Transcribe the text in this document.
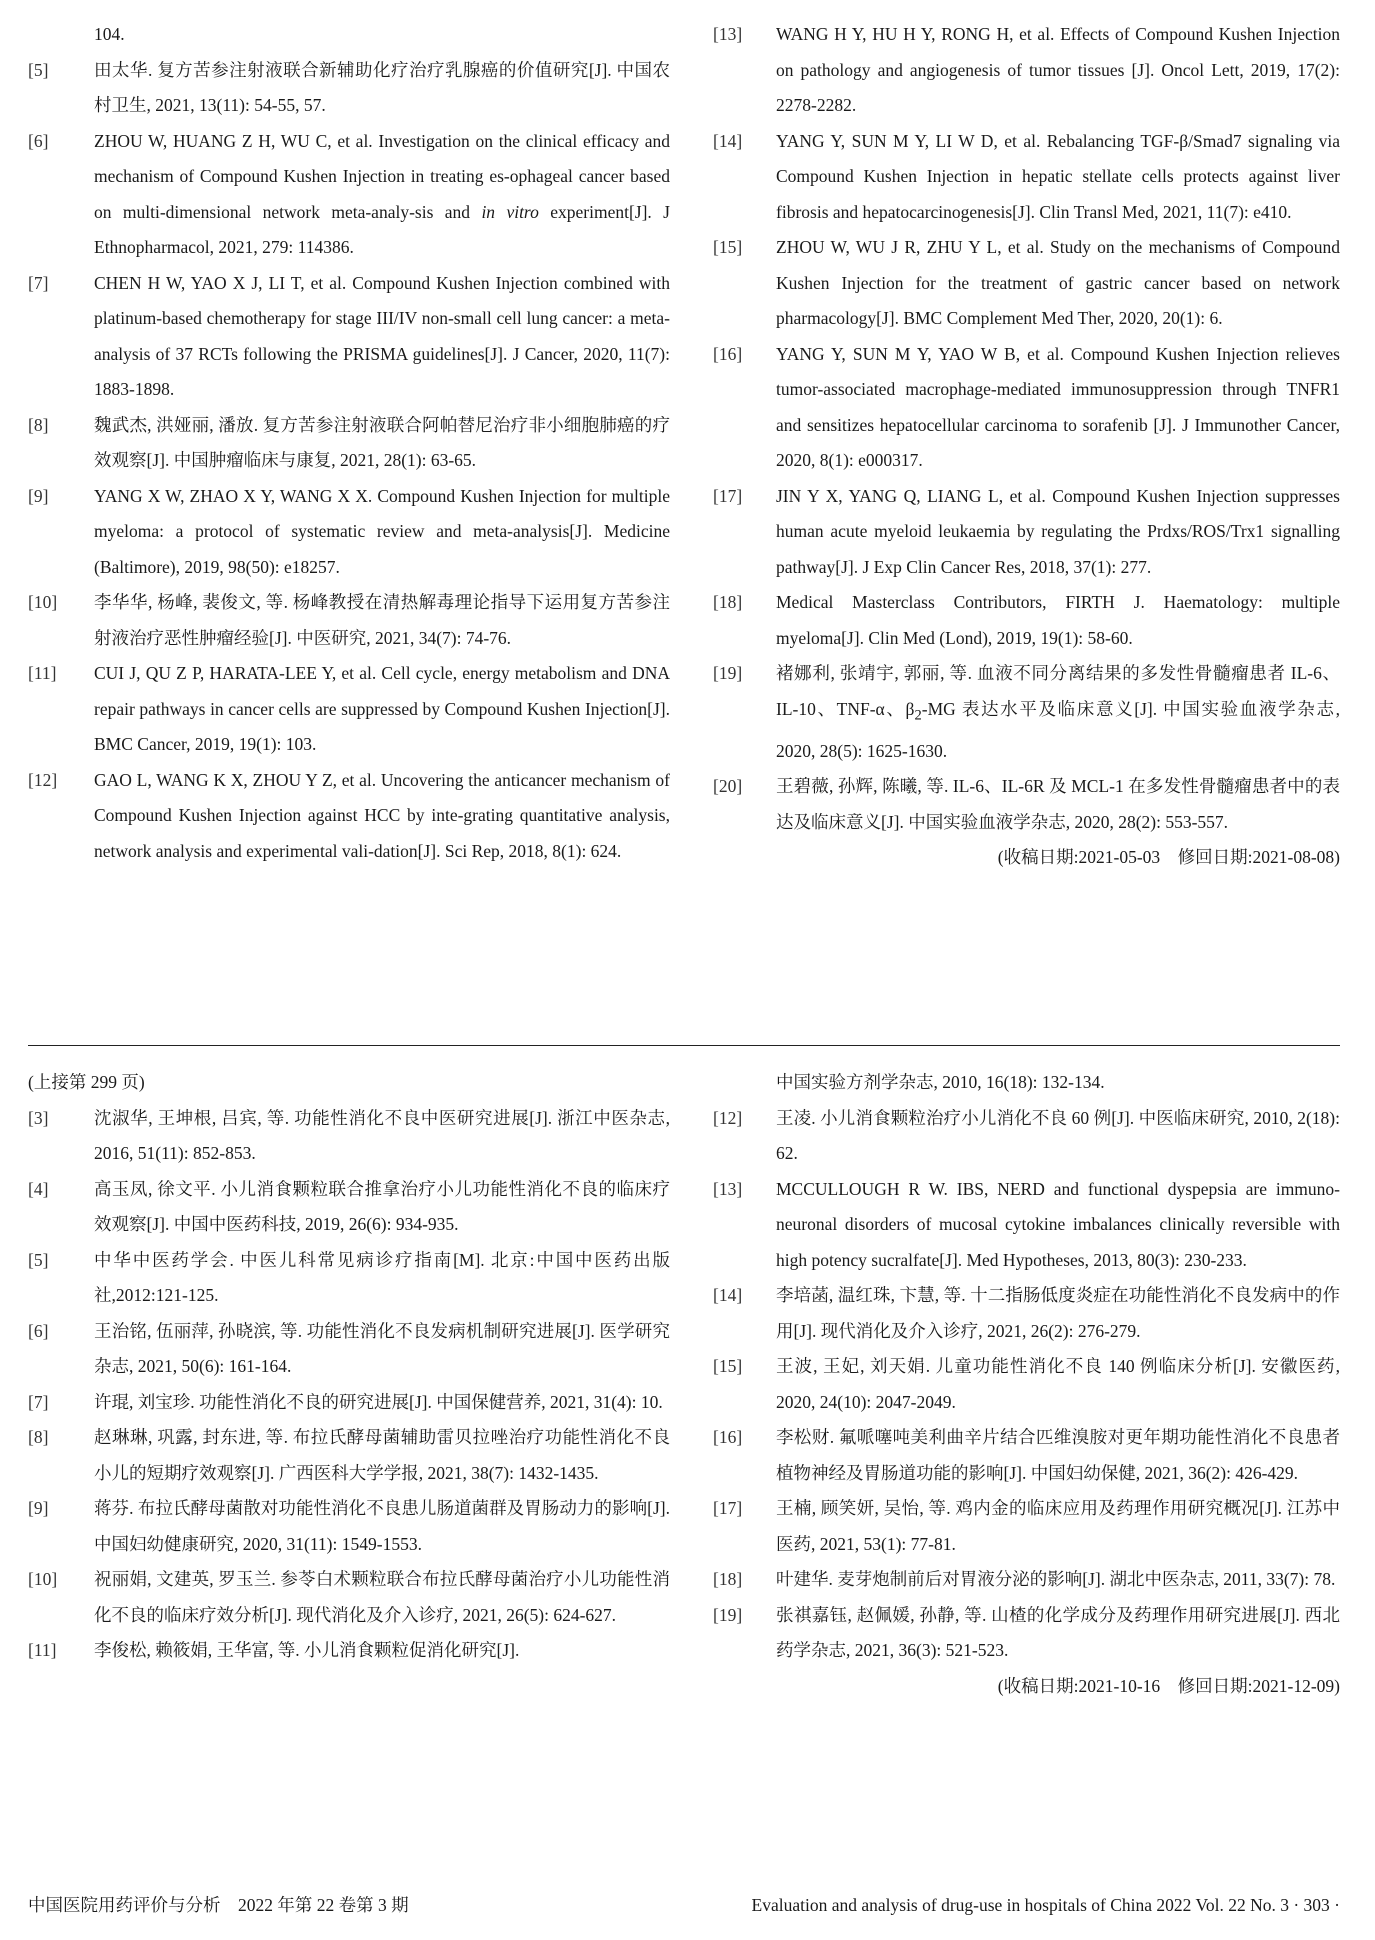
104.
[5]	田太华. 复方苦参注射液联合新辅助化疗治疗乳腺癌的价值研究[J]. 中国农村卫生, 2021, 13(11): 54-55, 57.
[6]	ZHOU W, HUANG Z H, WU C, et al. Investigation on the clinical efficacy and mechanism of Compound Kushen Injection in treating es-ophageal cancer based on multi-dimensional network meta-analy-sis and in vitro experiment[J]. J Ethnopharmacol, 2021, 279: 114386.
[7]	CHEN H W, YAO X J, LI T, et al. Compound Kushen Injection combined with platinum-based chemotherapy for stage III/IV non-small cell lung cancer: a meta-analysis of 37 RCTs following the PRISMA guidelines[J]. J Cancer, 2020, 11(7): 1883-1898.
[8]	魏武杰, 洪娅丽, 潘放. 复方苦参注射液联合阿帕替尼治疗非小细胞肺癌的疗效观察[J]. 中国肿瘤临床与康复, 2021, 28(1): 63-65.
[9]	YANG X W, ZHAO X Y, WANG X X. Compound Kushen Injection for multiple myeloma: a protocol of systematic review and meta-analysis[J]. Medicine (Baltimore), 2019, 98(50): e18257.
[10]	李华华, 杨峰, 裴俊文, 等. 杨峰教授在清热解毒理论指导下运用复方苦参注射液治疗恶性肿瘤经验[J]. 中医研究, 2021, 34(7): 74-76.
[11]	CUI J, QU Z P, HARATA-LEE Y, et al. Cell cycle, energy metabolism and DNA repair pathways in cancer cells are suppressed by Compound Kushen Injection[J]. BMC Cancer, 2019, 19(1): 103.
[12]	GAO L, WANG K X, ZHOU Y Z, et al. Uncovering the anticancer mechanism of Compound Kushen Injection against HCC by inte-grating quantitative analysis, network analysis and experimental vali-dation[J]. Sci Rep, 2018, 8(1): 624.
[13]	WANG H Y, HU H Y, RONG H, et al. Effects of Compound Kushen Injection on pathology and angiogenesis of tumor tissues [J]. Oncol Lett, 2019, 17(2): 2278-2282.
[14]	YANG Y, SUN M Y, LI W D, et al. Rebalancing TGF-β/Smad7 signaling via Compound Kushen Injection in hepatic stellate cells protects against liver fibrosis and hepatocarcinogenesis[J]. Clin Transl Med, 2021, 11(7): e410.
[15]	ZHOU W, WU J R, ZHU Y L, et al. Study on the mechanisms of Compound Kushen Injection for the treatment of gastric cancer based on network pharmacology[J]. BMC Complement Med Ther, 2020, 20(1): 6.
[16]	YANG Y, SUN M Y, YAO W B, et al. Compound Kushen Injection relieves tumor-associated macrophage-mediated immunosuppression through TNFR1 and sensitizes hepatocellular carcinoma to sorafenib [J]. J Immunother Cancer, 2020, 8(1): e000317.
[17]	JIN Y X, YANG Q, LIANG L, et al. Compound Kushen Injection suppresses human acute myeloid leukaemia by regulating the Prdxs/ROS/Trx1 signalling pathway[J]. J Exp Clin Cancer Res, 2018, 37(1): 277.
[18]	Medical Masterclass Contributors, FIRTH J. Haematology: multiple myeloma[J]. Clin Med (Lond), 2019, 19(1): 58-60.
[19]	褚娜利, 张靖宇, 郭丽, 等. 血液不同分离结果的多发性骨髓瘤患者 IL-6、IL-10、TNF-α、$\beta_2-MG$ 表达水平及临床意义[J]. 中国实验血液学杂志, 2020, 28(5): 1625-1630.
[20]	王碧薇, 孙辉, 陈曦, 等. IL-6、IL-6R 及 MCL-1 在多发性骨髓瘤患者中的表达及临床意义[J]. 中国实验血液学杂志, 2020, 28(2): 553-557.
(收稿日期:2021-05-03　修回日期:2021-08-08)
(上接第 299 页)
[3]	沈淑华, 王坤根, 吕宾, 等. 功能性消化不良中医研究进展[J]. 浙江中医杂志, 2016, 51(11): 852-853.
[4]	高玉凤, 徐文平. 小儿消食颗粒联合推拿治疗小儿功能性消化不良的临床疗效观察[J]. 中国中医药科技, 2019, 26(6): 934-935.
[5]	中华中医药学会. 中医儿科常见病诊疗指南[M]. 北京:中国中医药出版社,2012:121-125.
[6]	王治铭, 伍丽萍, 孙晓滨, 等. 功能性消化不良发病机制研究进展[J]. 医学研究杂志, 2021, 50(6): 161-164.
[7]	许琨, 刘宝珍. 功能性消化不良的研究进展[J]. 中国保健营养, 2021, 31(4): 10.
[8]	赵琳琳, 巩露, 封东进, 等. 布拉氏酵母菌辅助雷贝拉唑治疗功能性消化不良小儿的短期疗效观察[J]. 广西医科大学学报, 2021, 38(7): 1432-1435.
[9]	蒋芬. 布拉氏酵母菌散对功能性消化不良患儿肠道菌群及胃肠动力的影响[J]. 中国妇幼健康研究, 2020, 31(11): 1549-1553.
[10]	祝丽娟, 文建英, 罗玉兰. 参苓白术颗粒联合布拉氏酵母菌治疗小儿功能性消化不良的临床疗效分析[J]. 现代消化及介入诊疗, 2021, 26(5): 624-627.
[11]	李俊松, 赖筱娟, 王华富, 等. 小儿消食颗粒促消化研究[J].
中国实验方剂学杂志, 2010, 16(18): 132-134.
[12]	王凌. 小儿消食颗粒治疗小儿消化不良 60 例[J]. 中医临床研究, 2010, 2(18): 62.
[13]	MCCULLOUGH R W. IBS, NERD and functional dyspepsia are immuno-neuronal disorders of mucosal cytokine imbalances clinically reversible with high potency sucralfate[J]. Med Hypotheses, 2013, 80(3): 230-233.
[14]	李培菡, 温红珠, 卞慧, 等. 十二指肠低度炎症在功能性消化不良发病中的作用[J]. 现代消化及介入诊疗, 2021, 26(2): 276-279.
[15]	王波, 王妃, 刘天娟. 儿童功能性消化不良 140 例临床分析[J]. 安徽医药, 2020, 24(10): 2047-2049.
[16]	李松财. 氟哌噻吨美利曲辛片结合匹维溴胺对更年期功能性消化不良患者植物神经及胃肠道功能的影响[J]. 中国妇幼保健, 2021, 36(2): 426-429.
[17]	王楠, 顾笑妍, 吴怡, 等. 鸡内金的临床应用及药理作用研究概况[J]. 江苏中医药, 2021, 53(1): 77-81.
[18]	叶建华. 麦芽炮制前后对胃液分泌的影响[J]. 湖北中医杂志, 2011, 33(7): 78.
[19]	张祺嘉钰, 赵佩媛, 孙静, 等. 山楂的化学成分及药理作用研究进展[J]. 西北药学杂志, 2021, 36(3): 521-523.
(收稿日期:2021-10-16　修回日期:2021-12-09)
中国医院用药评价与分析　2022 年第 22 卷第 3 期	Evaluation and analysis of drug-use in hospitals of China 2022 Vol. 22 No. 3 · 303 ·
